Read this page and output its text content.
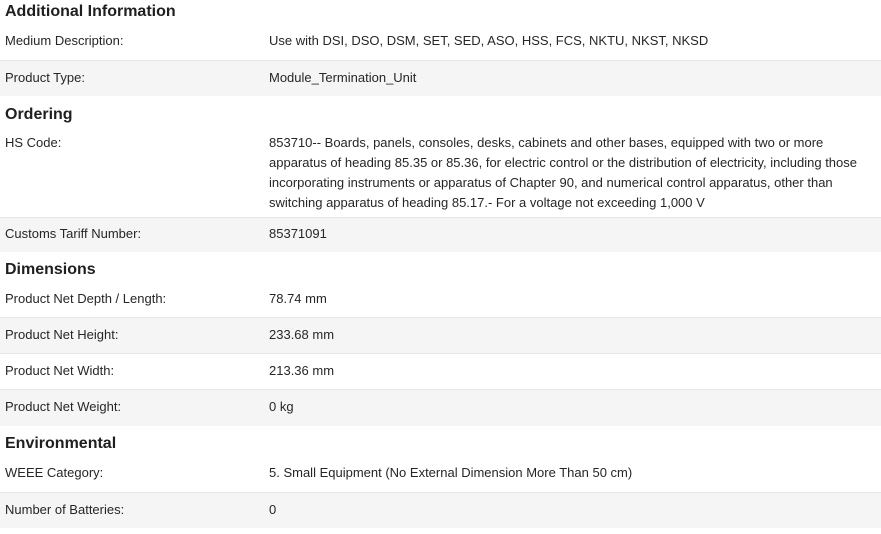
Additional Information
Medium Description:	Use with DSI, DSO, DSM, SET, SED, ASO, HSS, FCS, NKTU, NKST, NKSD
Product Type:	Module_Termination_Unit
Ordering
HS Code:	853710-- Boards, panels, consoles, desks, cabinets and other bases, equipped with two or more apparatus of heading 85.35 or 85.36, for electric control or the distribution of electricity, including those incorporating instruments or apparatus of Chapter 90, and numerical control apparatus, other than switching apparatus of heading 85.17.- For a voltage not exceeding 1,000 V
Customs Tariff Number:	85371091
Dimensions
Product Net Depth / Length:	78.74 mm
Product Net Height:	233.68 mm
Product Net Width:	213.36 mm
Product Net Weight:	0 kg
Environmental
WEEE Category:	5. Small Equipment (No External Dimension More Than 50 cm)
Number of Batteries:	0
